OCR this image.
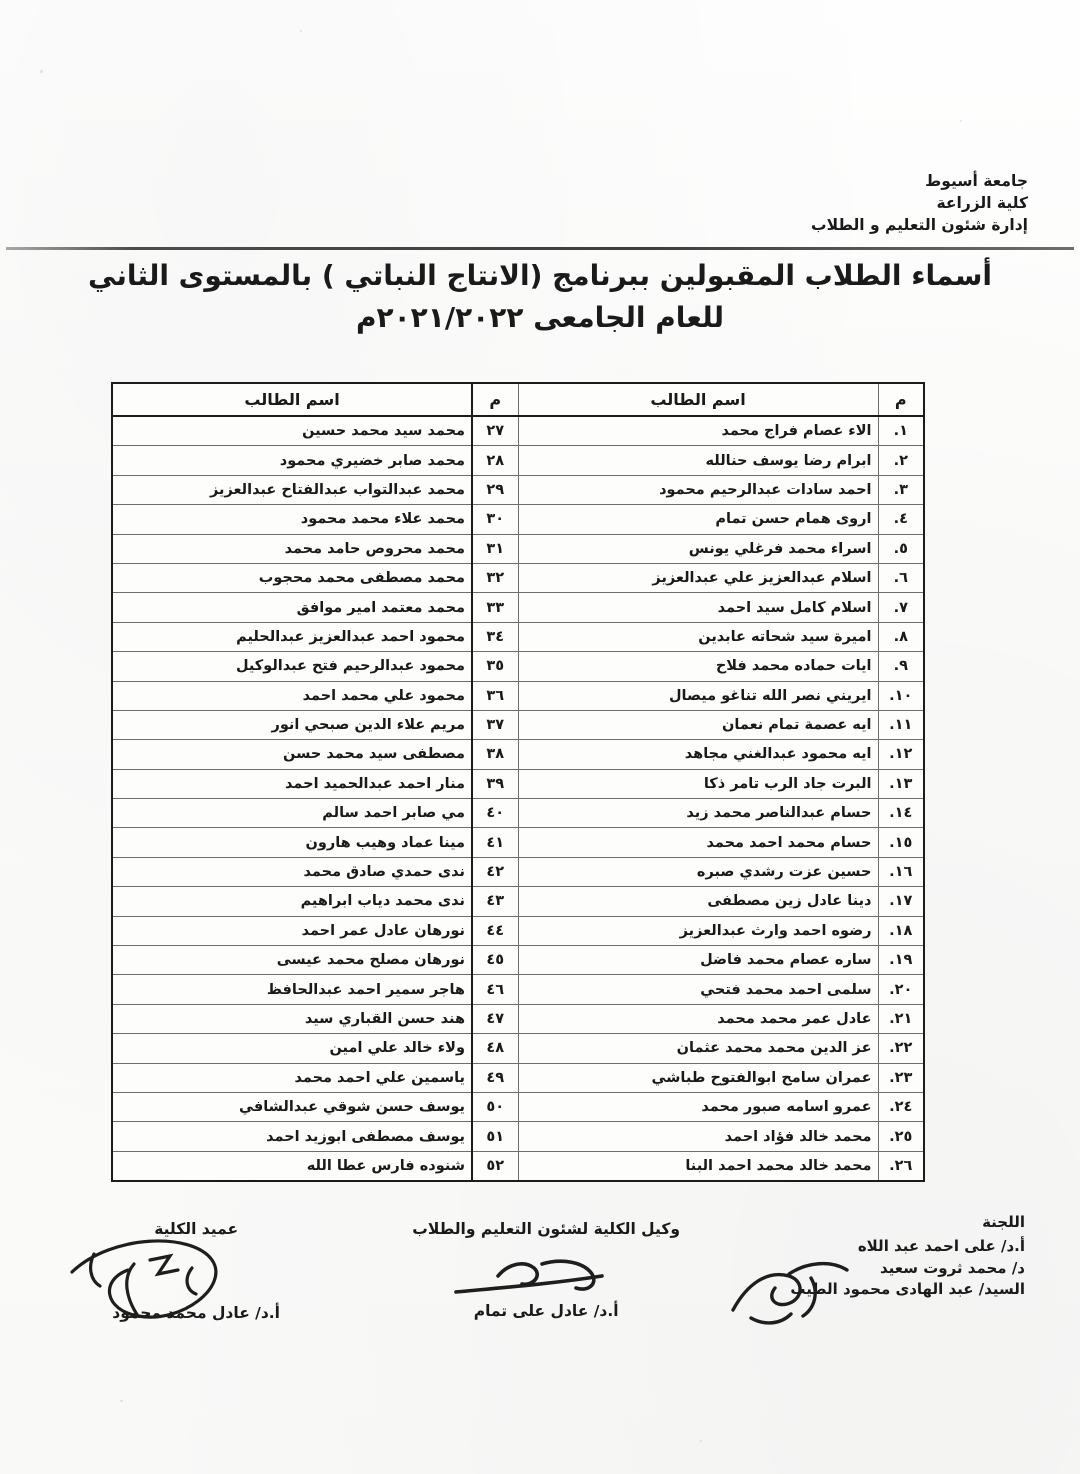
جامعة أسيوط
كلية الزراعة
إدارة شئون التعليم و الطلاب
أسماء الطلاب المقبولين ببرنامج (الانتاج النباتي ) بالمستوى الثاني
للعام الجامعى ٢٠٢١/٢٠٢٢م
م	اسم الطالب	م	اسم الطالب
١.	الاء عصام فراج محمد	٢٧	محمد سيد محمد حسين
٢.	ابرام رضا يوسف حنالله	٢٨	محمد صابر خضيري محمود
٣.	احمد سادات عبدالرحيم محمود	٢٩	محمد عبدالتواب عبدالفتاح عبدالعزيز
٤.	اروى همام حسن تمام	٣٠	محمد علاء محمد محمود
٥.	اسراء محمد فرغلي يونس	٣١	محمد محروص حامد محمد
٦.	اسلام عبدالعزيز علي عبدالعزيز	٣٢	محمد مصطفى محمد محجوب
٧.	اسلام كامل سيد احمد	٣٣	محمد معتمد امير موافق
٨.	اميرة سيد شحاته عابدين	٣٤	محمود احمد عبدالعزيز عبدالحليم
٩.	ايات حماده محمد فلاح	٣٥	محمود عبدالرحيم فتح عبدالوكيل
١٠.	ايريني نصر الله تناغو ميصال	٣٦	محمود علي محمد احمد
١١.	ايه عصمة تمام نعمان	٣٧	مريم علاء الدين صبحي انور
١٢.	ايه محمود عبدالغني مجاهد	٣٨	مصطفى سيد محمد حسن
١٣.	البرت جاد الرب تامر ذكا	٣٩	منار احمد عبدالحميد احمد
١٤.	حسام عبدالناصر محمد زيد	٤٠	مي صابر احمد سالم
١٥.	حسام محمد احمد محمد	٤١	مينا عماد وهيب هارون
١٦.	حسين عزت رشدي صبره	٤٢	ندى حمدي صادق محمد
١٧.	دينا عادل زين مصطفى	٤٣	ندى محمد دياب ابراهيم
١٨.	رضوه احمد وارث عبدالعزيز	٤٤	نورهان عادل عمر احمد
١٩.	ساره عصام محمد فاضل	٤٥	نورهان مصلح محمد عيسى
٢٠.	سلمى احمد محمد فتحي	٤٦	هاجر سمير احمد عبدالحافظ
٢١.	عادل عمر محمد محمد	٤٧	هند حسن القباري سيد
٢٢.	عز الدين محمد محمد عثمان	٤٨	ولاء خالد علي امين
٢٣.	عمران سامح ابوالفتوح طباشي	٤٩	ياسمين علي احمد محمد
٢٤.	عمرو اسامه صبور محمد	٥٠	يوسف حسن شوقي عبدالشافي
٢٥.	محمد خالد فؤاد احمد	٥١	يوسف مصطفى ابوزيد احمد
٢٦.	محمد خالد محمد احمد البنا	٥٢	شنوده فارس عطا الله
اللجنة
أ.د/ على احمد عبد اللاه
د/ محمد ثروت سعيد
السيد/ عبد الهادى محمود الطيب
وكيل الكلية لشئون التعليم والطلاب
أ.د/ عادل على تمام
عميد الكلية
أ.د/ عادل محمد محمود
